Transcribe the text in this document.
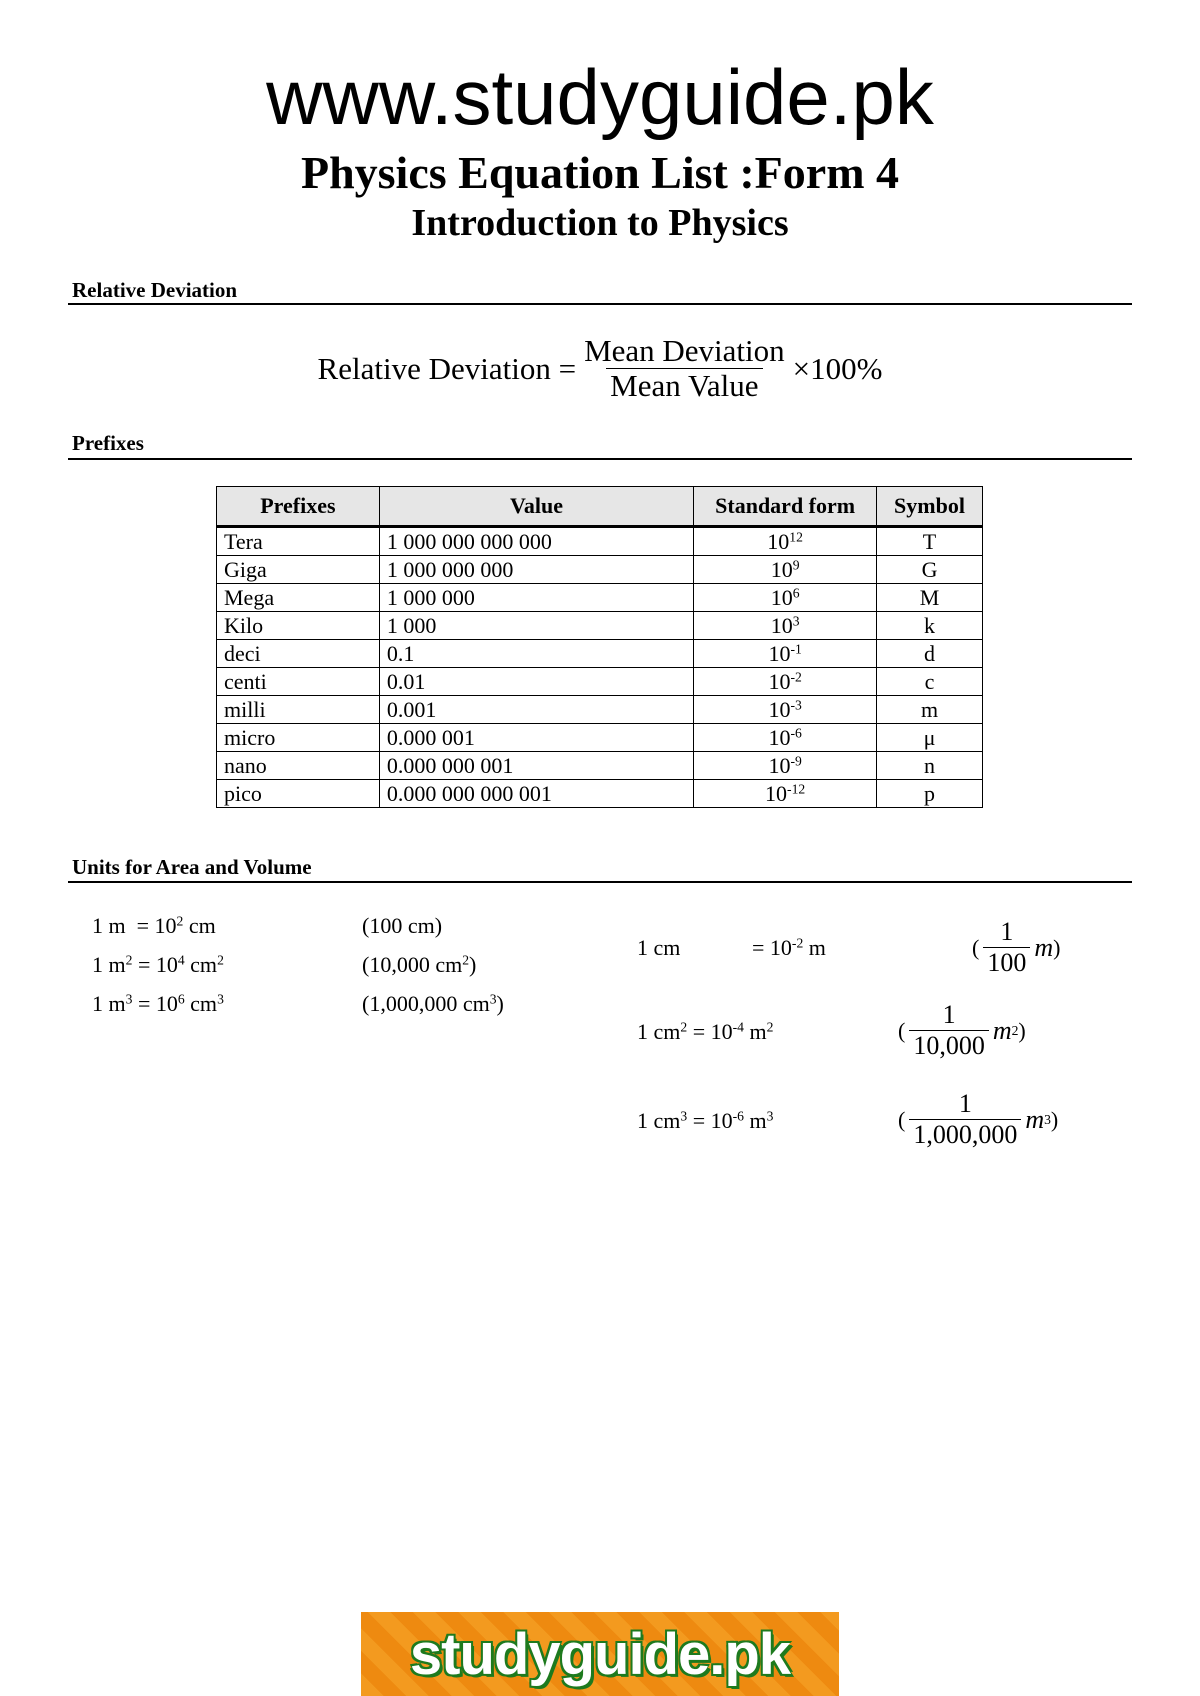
www.studyguide.pk
Physics Equation List :Form 4
Introduction to Physics
Relative Deviation
Relative Deviation = $\frac{\text{Mean Deviation}}{\text{Mean Value}} \times 100\%$
Prefixes
Prefixes	Value	Standard form	Symbol
Tera	1 000 000 000 000	$10^{12}$	T
Giga	1 000 000 000	$10^9$	G
Mega	1 000 000	$10^6$	M
Kilo	1 000	$10^3$	k
deci	0.1	$10^{-1}$	d
centi	0.01	$10^{-2}$	c
milli	0.001	$10^{-3}$	m
micro	0.000 001	$10^{-6}$	μ
nano	0.000 000 001	$10^{-9}$	n
pico	0.000 000 000 001	$10^{-12}$	p
Units for Area and Volume
1 $m = 10^2$ cm	(100 cm)
1 $m^2 = 10^4$ $cm^2$	(10,000 $cm^2$)
1 $m^3 = 10^6$ $cm^3$	(1,000,000 $cm^3$)
1 cm	= $10^{-2}$ m	( $\frac{1}{100}$ m )
1 $cm^2 = 10^{-4}$ $m^2$	( $\frac{1}{10,000}$ m 2 )
1 $cm^3 = 10^{-6}$ $m^3$	( $\frac{1}{1,000,000}$ m 3 )
studyguide.pk
